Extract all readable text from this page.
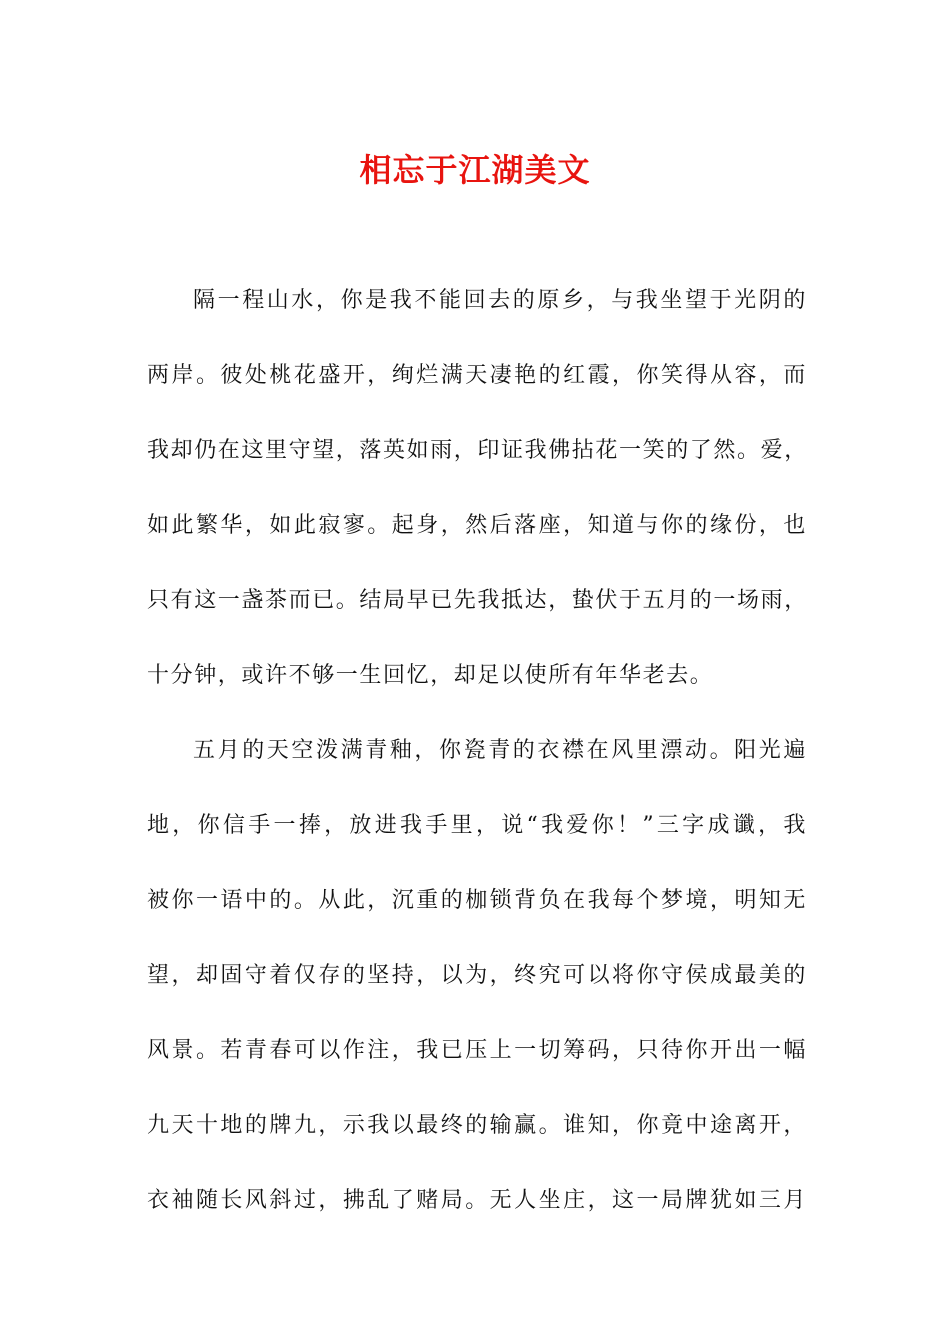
相忘于江湖美文
隔一程山水，你是我不能回去的原乡，与我坐望于光阴的
两岸。彼处桃花盛开，绚烂满天凄艳的红霞，你笑得从容，而
我却仍在这里守望，落英如雨，印证我佛拈花一笑的了然。爱，
如此繁华，如此寂寥。起身，然后落座，知道与你的缘份，也
只有这一盏茶而已。结局早已先我抵达，蛰伏于五月的一场雨，
十分钟，或许不够一生回忆，却足以使所有年华老去。
五月的天空泼满青釉，你瓷青的衣襟在风里漂动。阳光遍
地，你信手一捧，放进我手里，说“我爱你！”三字成谶，我
被你一语中的。从此，沉重的枷锁背负在我每个梦境，明知无
望，却固守着仅存的坚持，以为，终究可以将你守侯成最美的
风景。若青春可以作注，我已压上一切筹码，只待你开出一幅
九天十地的牌九，示我以最终的输赢。谁知，你竟中途离开，
衣袖随长风斜过，拂乱了赌局。无人坐庄，这一局牌犹如三月
